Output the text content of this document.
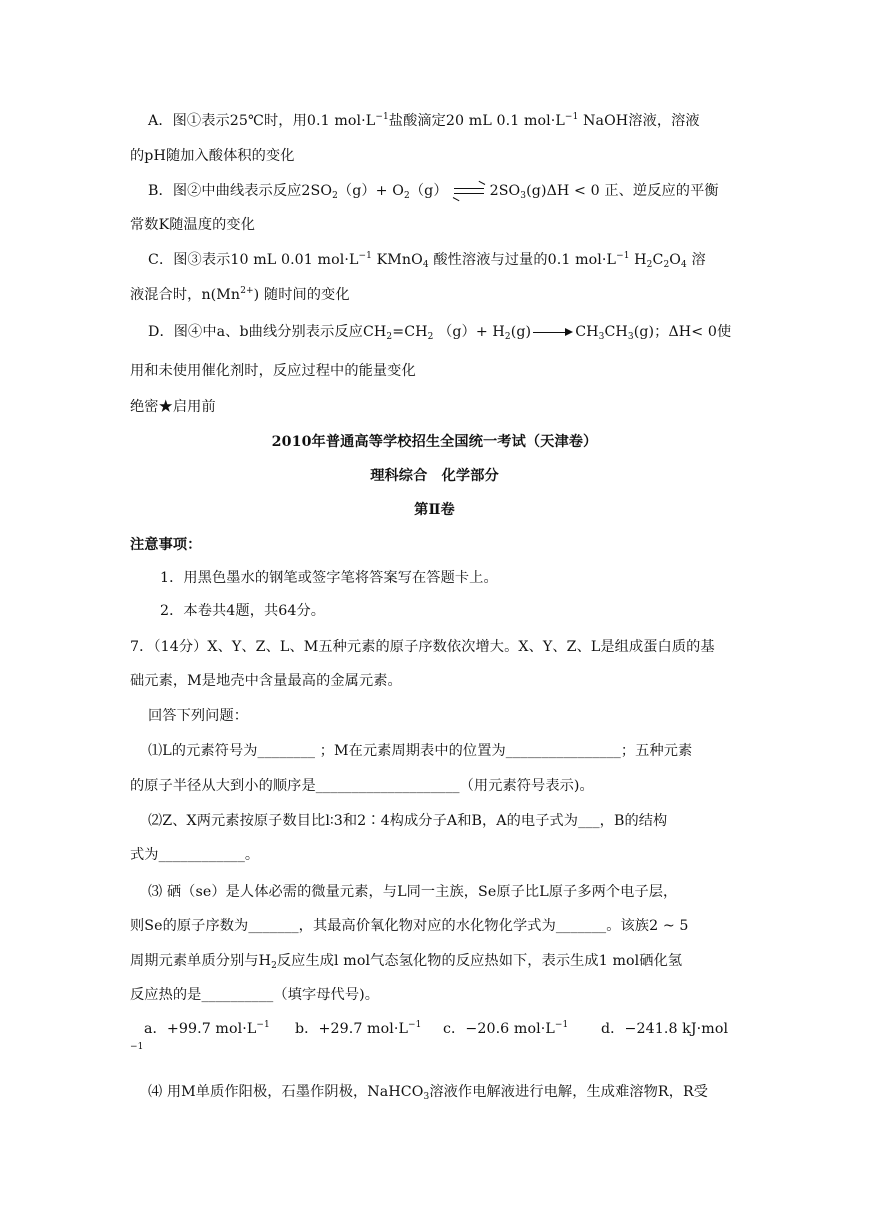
A．图①表示25℃时，用0.1 $mol\cdot L^{-1}$盐酸滴定20 mL 0.1 $mol\cdot L^{-1}$ NaOH溶液，溶液
的pH随加入酸体积的变化
B．图②中曲线表示反应$2SO_2(g)+ O_2(g)$	$2SO_3(g)\Delta H < 0$ 正、逆反应的平衡
常数K随温度的变化
C．图③表示10 mL 0.01 $mol\cdot L^{-1}$ KMnO$_4$ 酸性溶液与过量的0.1 $mol\cdot L^{-1}$ $H_2C_2O_4$ 溶
液混合时，$n(Mn^{2+})$ 随时间的变化
D．图④中a、b曲线分别表示反应$CH_2=CH_2$ $(g)+ H_2(g)$	$CH_3CH_3(g)$；ΔH< 0使
用和未使用催化剂时，反应过程中的能量变化
绝密★启用前
2010年普通高等学校招生全国统一考试（天津卷）
理科综合　化学部分
第Ⅱ卷
注意事项：
1．用黑色墨水的钢笔或签字笔将答案写在答题卡上。
2．本卷共4题，共64分。
7．（14分）X、Y、Z、L、M五种元素的原子序数依次增大。X、Y、Z、L是组成蛋白质的基
础元素，M是地壳中含量最高的金属元素。
回答下列问题：
⑴L的元素符号为________ ；M在元素周期表中的位置为________________；五种元素
的原子半径从大到小的顺序是____________________（用元素符号表示)。
⑵Z、X两元素按原子数目比l∶3和2∶4构成分子A和B，A的电子式为___，B的结构
式为____________。
⑶ 硒（se）是人体必需的微量元素，与L同一主族，Se原子比L原子多两个电子层，
则Se的原子序数为_______，其最高价氧化物对应的水化物化学式为_______。该族2 ~ 5
周期元素单质分别与$H_2$反应生成l mol气态氢化物的反应热如下，表示生成1 mol硒化氢
反应热的是__________（填字母代号)。
a．+99.7 $mol\cdot L^{-1}$ b．+29.7 $mol\cdot L^{-1}$ c．−20.6 $mol\cdot L^{-1}$ d．−241.8 kJ·mol
−1
⑷ 用M单质作阳极，石墨作阴极，NaHCO$_3$溶液作电解液进行电解，生成难溶物R，R受
